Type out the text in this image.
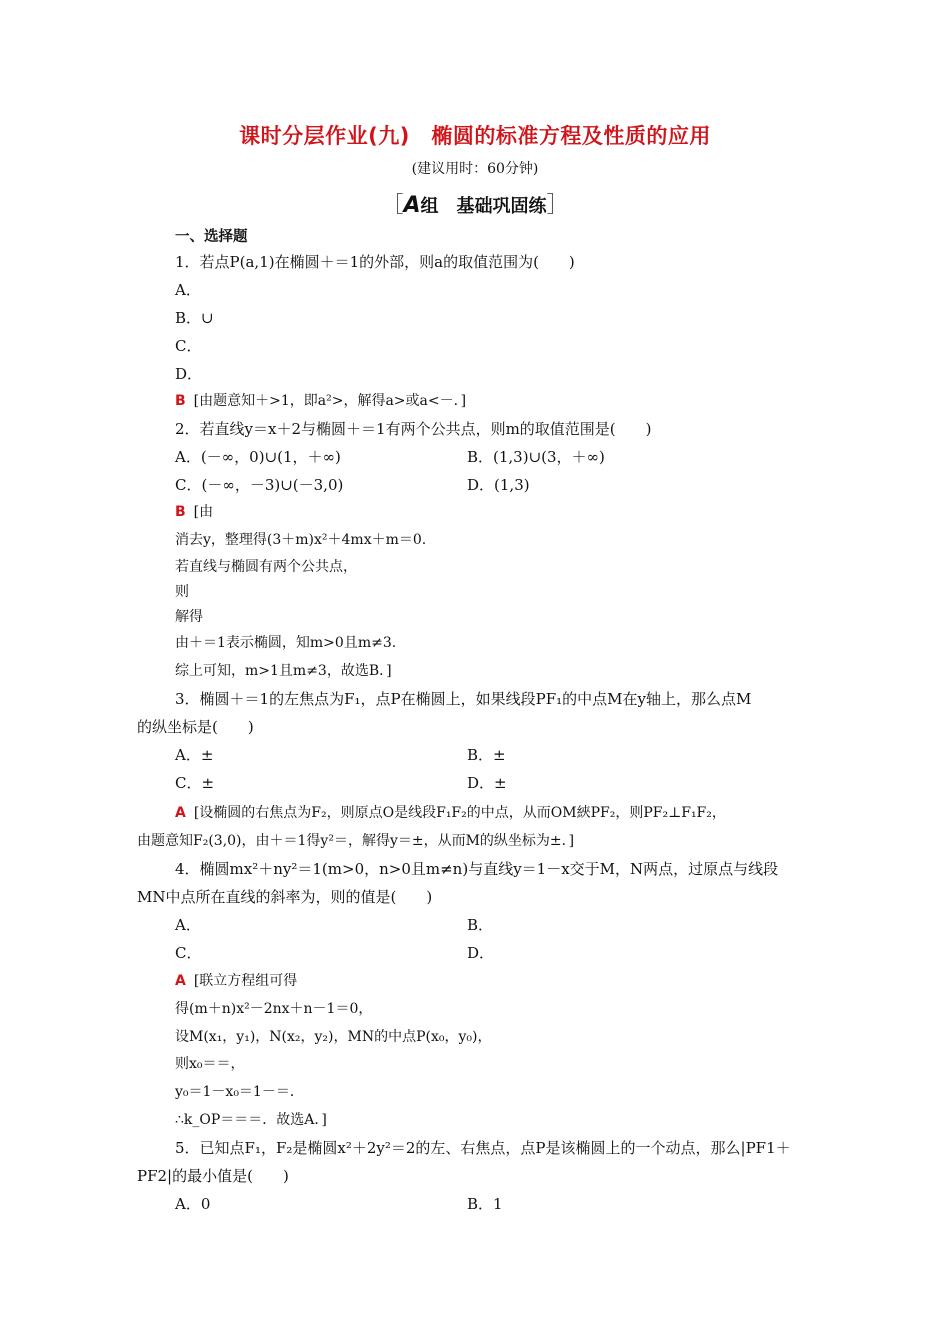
课时分层作业(九)　椭圆的标准方程及性质的应用
(建议用时：60分钟)
［A组　基础巩固练］
一、选择题
1．若点P(a,1)在椭圆＋＝1的外部，则a的取值范围为(　　)
A．
B．∪
C．
D．
B [由题意知＋>1，即a²>，解得a>或a<－．]
2．若直线y＝x＋2与椭圆＋＝1有两个公共点，则m的取值范围是(　　)
A．(－∞，0)∪(1，＋∞)	B．(1,3)∪(3，＋∞)
C．(－∞，－3)∪(－3,0)	D．(1,3)
B [由
消去y，整理得(3＋m)x²＋4mx＋m＝0.
若直线与椭圆有两个公共点，
则
解得
由＋＝1表示椭圆，知m>0且m≠3.
综上可知，m>1且m≠3，故选B．]
3．椭圆＋＝1的左焦点为F₁，点P在椭圆上，如果线段PF₁的中点M在y轴上，那么点M
的纵坐标是(　　)
A．±	B．±
C．±	D．±
A [设椭圆的右焦点为F₂，则原点O是线段F₁F₂的中点，从而OM綊PF₂，则PF₂⊥F₁F₂，
由题意知F₂(3,0)，由＋＝1得y²＝，解得y＝±，从而M的纵坐标为±．]
4．椭圆mx²＋ny²＝1(m>0，n>0且m≠n)与直线y＝1－x交于M，N两点，过原点与线段
MN中点所在直线的斜率为，则的值是(　　)
A．	B．
C．	D．
A [联立方程组可得
得(m＋n)x²－2nx＋n－1＝0，
设M(x₁，y₁)，N(x₂，y₂)，MN的中点P(x₀，y₀)，
则x₀＝＝，
y₀＝1－x₀＝1－＝．
∴k_OP＝＝＝．故选A．]
5．已知点F₁，F₂是椭圆x²＋2y²＝2的左、右焦点，点P是该椭圆上的一个动点，那么|PF1＋
PF2|的最小值是(　　)
A．0	B．1
